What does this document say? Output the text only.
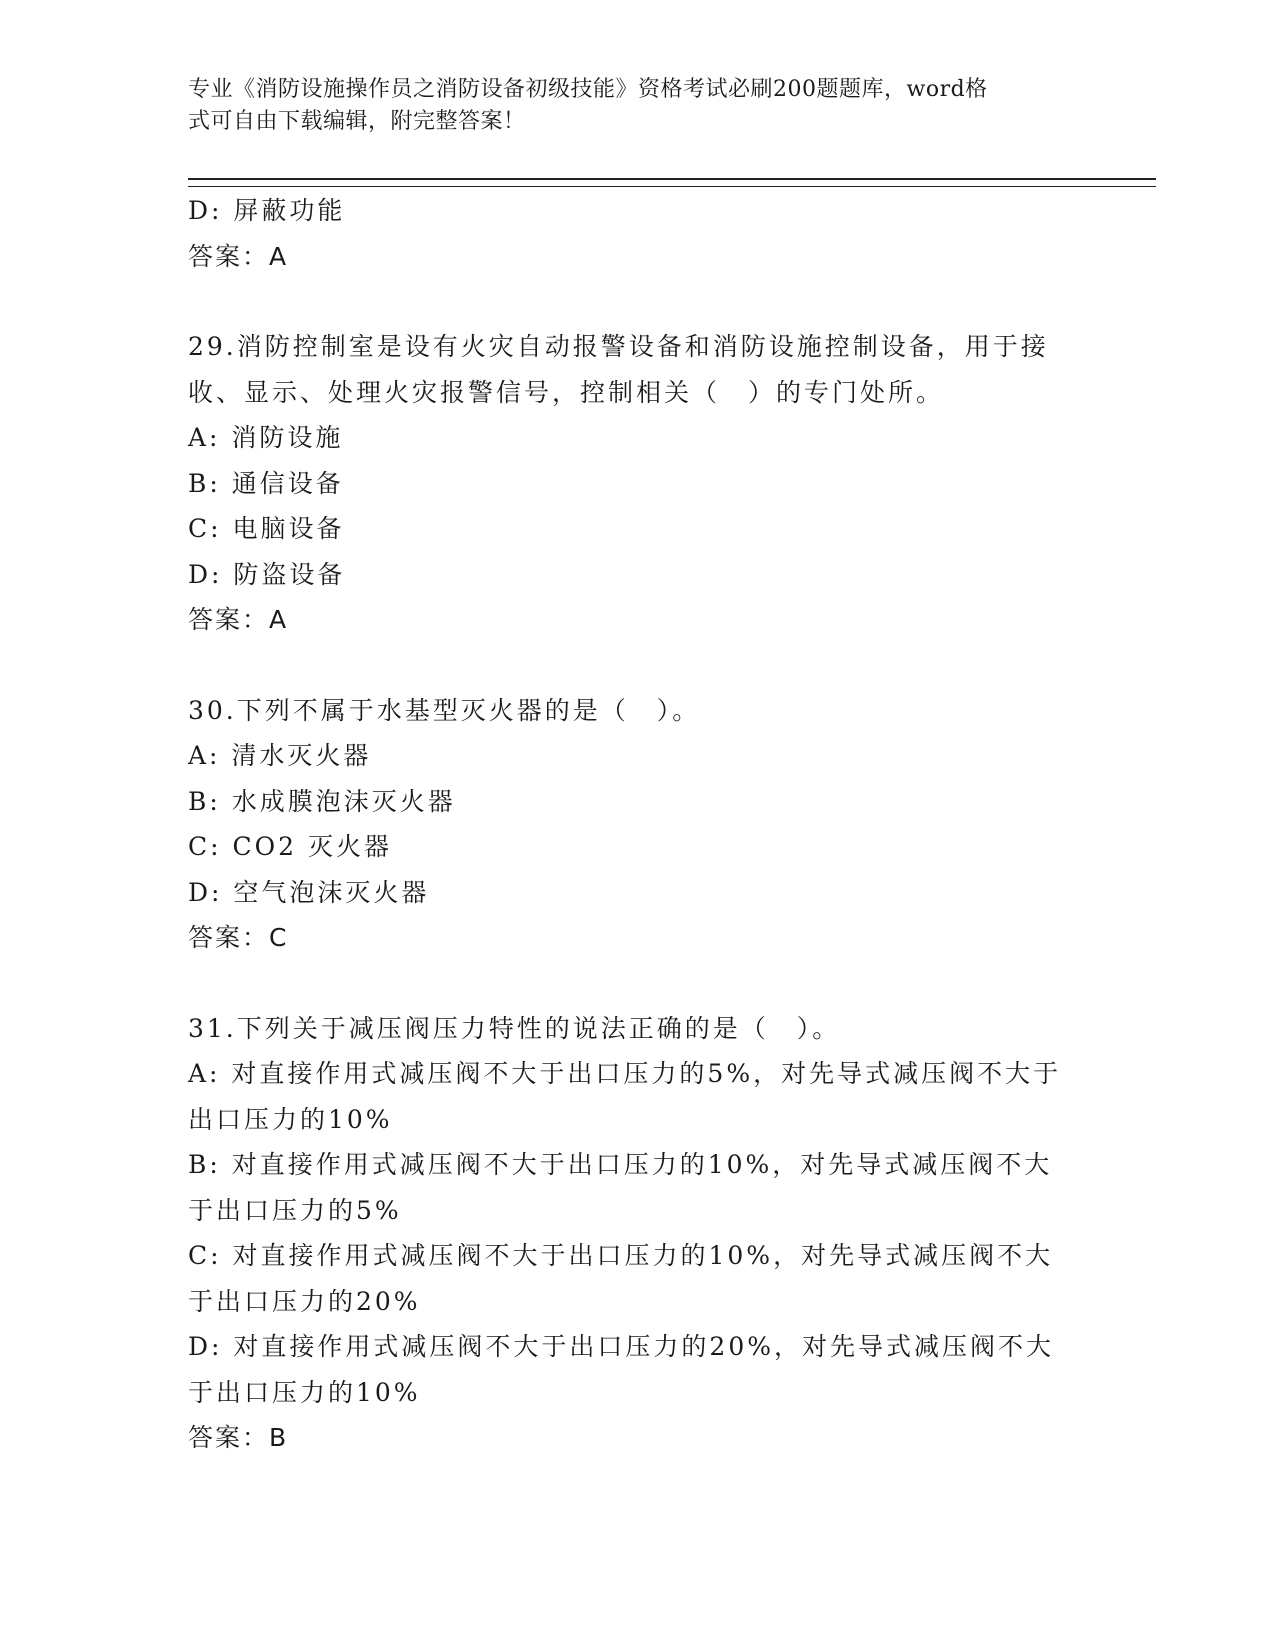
专业《消防设施操作员之消防设备初级技能》资格考试必刷200题题库，word格
式可自由下载编辑，附完整答案！

D: 屏蔽功能

答案：A

29.消防控制室是设有火灾自动报警设备和消防设施控制设备，用于接

收、显示、处理火灾报警信号，控制相关（　）的专门处所。

A: 消防设施

B: 通信设备

C: 电脑设备

D: 防盗设备

答案：A

30.下列不属于水基型灭火器的是（　）。

A: 清水灭火器

B: 水成膜泡沫灭火器

C: CO2 灭火器

D: 空气泡沫灭火器

答案：C

31.下列关于减压阀压力特性的说法正确的是（　）。

A: 对直接作用式减压阀不大于出口压力的5%，对先导式减压阀不大于

出口压力的10%

B: 对直接作用式减压阀不大于出口压力的10%，对先导式减压阀不大

于出口压力的5%

C: 对直接作用式减压阀不大于出口压力的10%，对先导式减压阀不大

于出口压力的20%

D: 对直接作用式减压阀不大于出口压力的20%，对先导式减压阀不大

于出口压力的10%

答案：B
